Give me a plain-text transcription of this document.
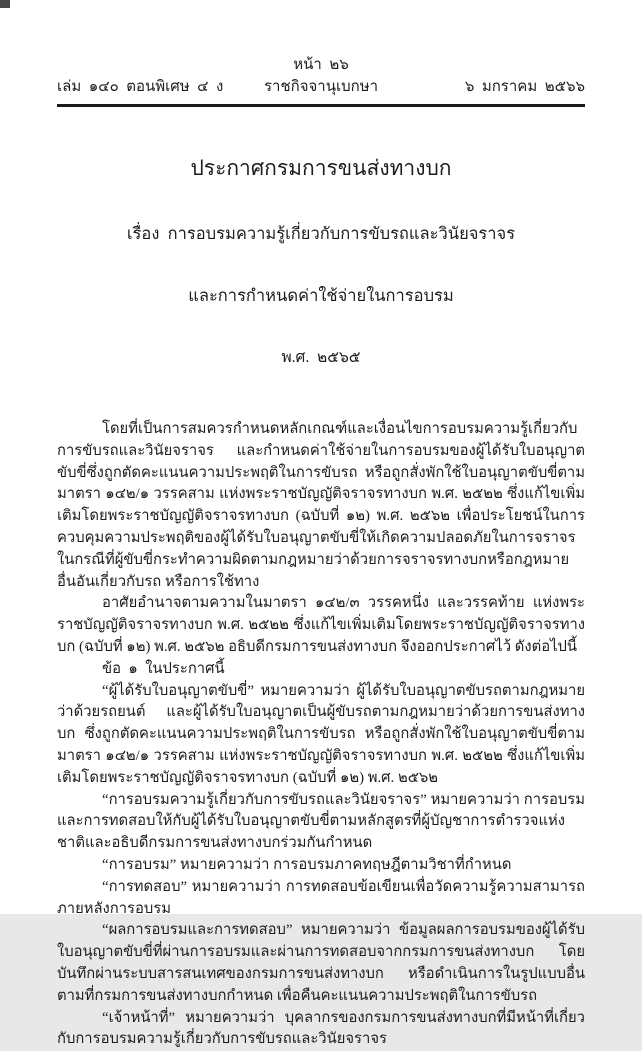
หน้า  ๒๖
เล่ม  ๑๔๐  ตอนพิเศษ  ๔  ง	ราชกิจจานุเบกษา	๖  มกราคม  ๒๕๖๖

ประกาศกรมการขนส่งทางบก

เรื่อง  การอบรมความรู้เกี่ยวกับการขับรถและวินัยจราจร

และการกำหนดค่าใช้จ่ายในการอบรม

พ.ศ.  ๒๕๖๕

โดยที่เป็นการสมควรกำหนดหลักเกณฑ์และเงื่อนไขการอบรมความรู้เกี่ยวกับการขับรถและวินัยจราจร และกำหนดค่าใช้จ่ายในการอบรมของผู้ได้รับใบอนุญาตขับขี่ซึ่งถูกตัดคะแนนความประพฤติในการขับรถ หรือถูกสั่งพักใช้ใบอนุญาตขับขี่ตามมาตรา ๑๔๒/๑ วรรคสาม แห่งพระราชบัญญัติจราจรทางบก พ.ศ. ๒๕๒๒ ซึ่งแก้ไขเพิ่มเติมโดยพระราชบัญญัติจราจรทางบก (ฉบับที่ ๑๒) พ.ศ. ๒๕๖๒ เพื่อประโยชน์ในการควบคุมความประพฤติของผู้ได้รับใบอนุญาตขับขี่ให้เกิดความปลอดภัยในการจราจร ในกรณีที่ผู้ขับขี่กระทำความผิดตามกฎหมายว่าด้วยการจราจรทางบกหรือกฎหมายอื่นอันเกี่ยวกับรถ หรือการใช้ทาง

อาศัยอำนาจตามความในมาตรา ๑๔๒/๓ วรรคหนึ่ง และวรรคท้าย แห่งพระราชบัญญัติจราจรทางบก พ.ศ. ๒๕๒๒ ซึ่งแก้ไขเพิ่มเติมโดยพระราชบัญญัติจราจรทางบก (ฉบับที่ ๑๒) พ.ศ. ๒๕๖๒ อธิบดีกรมการขนส่งทางบก จึงออกประกาศไว้ ดังต่อไปนี้

ข้อ  ๑  ในประกาศนี้

“ผู้ได้รับใบอนุญาตขับขี่” หมายความว่า ผู้ได้รับใบอนุญาตขับรถตามกฎหมายว่าด้วยรถยนต์ และผู้ได้รับใบอนุญาตเป็นผู้ขับรถตามกฎหมายว่าด้วยการขนส่งทางบก ซึ่งถูกตัดคะแนนความประพฤติในการขับรถ หรือถูกสั่งพักใช้ใบอนุญาตขับขี่ตามมาตรา ๑๔๒/๑ วรรคสาม แห่งพระราชบัญญัติจราจรทางบก พ.ศ. ๒๕๒๒ ซึ่งแก้ไขเพิ่มเติมโดยพระราชบัญญัติจราจรทางบก (ฉบับที่ ๑๒) พ.ศ. ๒๕๖๒

“การอบรมความรู้เกี่ยวกับการขับรถและวินัยจราจร” หมายความว่า การอบรมและการทดสอบให้กับผู้ได้รับใบอนุญาตขับขี่ตามหลักสูตรที่ผู้บัญชาการตำรวจแห่งชาติและอธิบดีกรมการขนส่งทางบกร่วมกันกำหนด

“การอบรม” หมายความว่า การอบรมภาคทฤษฎีตามวิชาที่กำหนด

“การทดสอบ” หมายความว่า การทดสอบข้อเขียนเพื่อวัดความรู้ความสามารถภายหลังการอบรม

“ผลการอบรมและการทดสอบ” หมายความว่า ข้อมูลผลการอบรมของผู้ได้รับใบอนุญาตขับขี่ที่ผ่านการอบรมและผ่านการทดสอบจากกรมการขนส่งทางบก โดยบันทึกผ่านระบบสารสนเทศของกรมการขนส่งทางบก หรือดำเนินการในรูปแบบอื่น ตามที่กรมการขนส่งทางบกกำหนด เพื่อคืนคะแนนความประพฤติในการขับรถ

“เจ้าหน้าที่” หมายความว่า บุคลากรของกรมการขนส่งทางบกที่มีหน้าที่เกี่ยวกับการอบรมความรู้เกี่ยวกับการขับรถและวินัยจราจร
